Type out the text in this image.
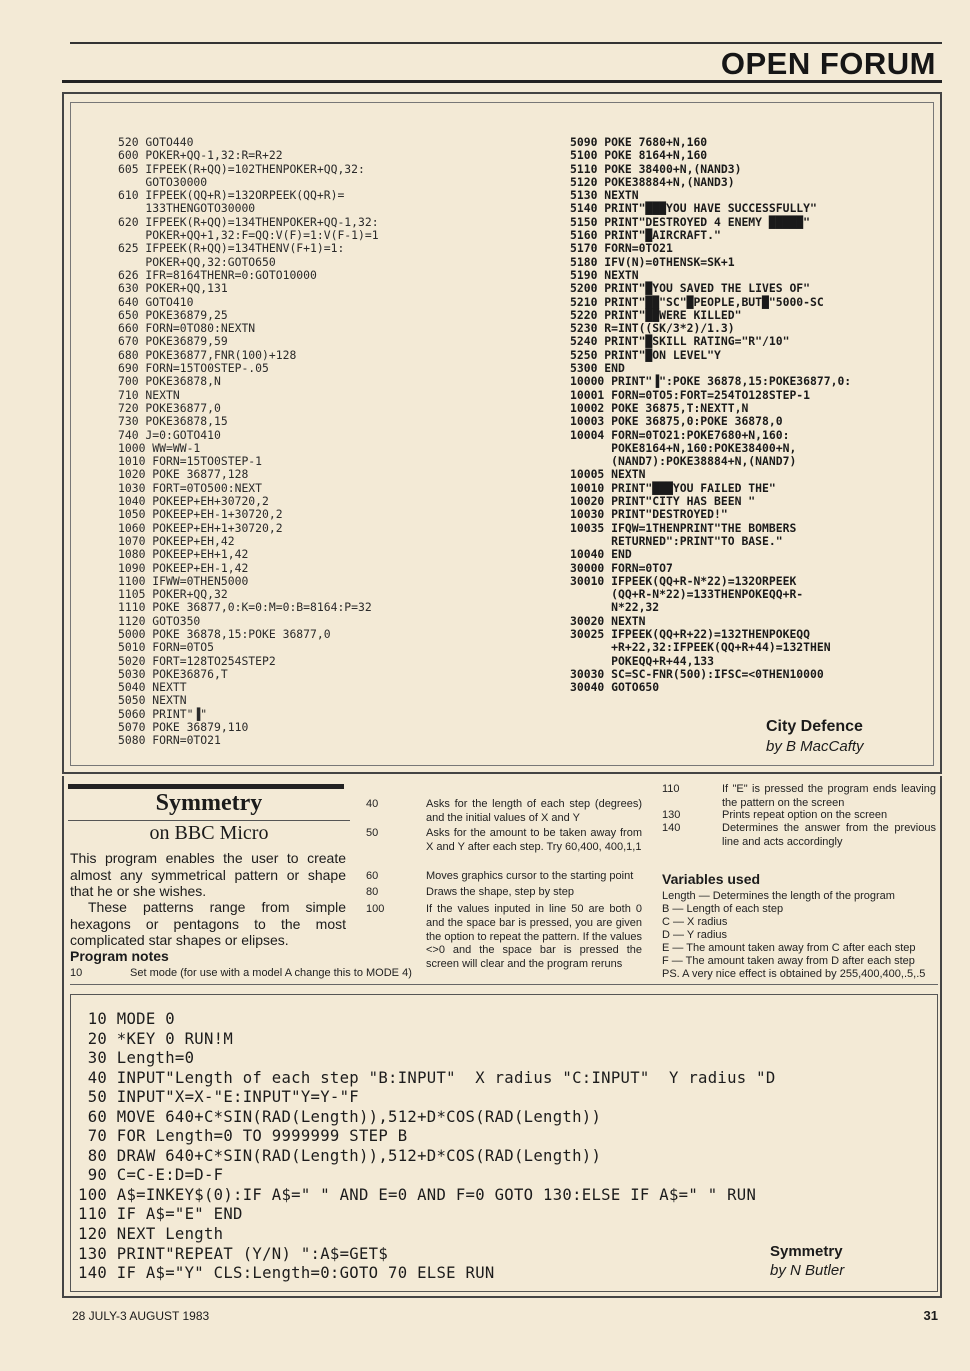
OPEN FORUM
520 GOTO440
600 POKER+QQ-1,32:R=R+22
605 IFPEEK(R+QQ)=102THENPOKER+QQ,32:
GOTO30000
610 IFPEEK(QQ+R)=132ORPEEK(QQ+R)=
133THENGOTO30000
620 IFPEEK(R+QQ)=134THENPOKER+QQ-1,32:
POKER+QQ+1,32:F=QQ:V(F)=1:V(F-1)=1
625 IFPEEK(R+QQ)=134THENV(F+1)=1:
POKER+QQ,32:GOTO650
626 IFR=8164THENR=0:GOTO10000
630 POKER+QQ,131
640 GOTO410
650 POKE36879,25
660 FORN=0TO80:NEXTN
670 POKE36879,59
680 POKE36877,FNR(100)+128
690 FORN=15TO0STEP-.05
700 POKE36878,N
710 NEXTN
720 POKE36877,0
730 POKE36878,15
740 J=0:GOTO410
1000 WW=WW-1
1010 FORN=15TO0STEP-1
1020 POKE 36877,128
1030 FORT=0TO500:NEXT
1040 POKEEP+EH+30720,2
1050 POKEEP+EH-1+30720,2
1060 POKEEP+EH+1+30720,2
1070 POKEEP+EH,42
1080 POKEEP+EH+1,42
1090 POKEEP+EH-1,42
1100 IFWW=0THEN5000
1105 POKER+QQ,32
1110 POKE 36877,0:K=0:M=0:B=8164:P=32
1120 GOTO350
5000 POKE 36878,15:POKE 36877,0
5010 FORN=0TO5
5020 FORT=128TO254STEP2
5030 POKE36876,T
5040 NEXTT
5050 NEXTN
5060 PRINT"▐"
5070 POKE 36879,110
5080 FORN=0TO21
5090 POKE 7680+N,160
5100 POKE 8164+N,160
5110 POKE 38400+N,(NAND3)
5120 POKE38884+N,(NAND3)
5130 NEXTN
5140 PRINT"███YOU HAVE SUCCESSFULLY"
5150 PRINT"DESTROYED 4 ENEMY █████"
5160 PRINT"█AIRCRAFT."
5170 FORN=0TO21
5180 IFV(N)=0THENSK=SK+1
5190 NEXTN
5200 PRINT"█YOU SAVED THE LIVES OF"
5210 PRINT"██"SC"█PEOPLE,BUT█"5000-SC
5220 PRINT"██WERE KILLED"
5230 R=INT((SK/3*2)/1.3)
5240 PRINT"█SKILL RATING="R"/10"
5250 PRINT"█ON LEVEL"Y
5300 END
10000 PRINT"▐":POKE 36878,15:POKE36877,0:
10001 FORN=0TO5:FORT=254TO128STEP-1
10002 POKE 36875,T:NEXTT,N
10003 POKE 36875,0:POKE 36878,0
10004 FORN=0TO21:POKE7680+N,160:
POKE8164+N,160:POKE38400+N,
(NAND7):POKE38884+N,(NAND7)
10005 NEXTN
10010 PRINT"███YOU FAILED THE"
10020 PRINT"CITY HAS BEEN "
10030 PRINT"DESTROYED!"
10035 IFQW=1THENPRINT"THE BOMBERS
RETURNED":PRINT"TO BASE."
10040 END
30000 FORN=0TO7
30010 IFPEEK(QQ+R-N*22)=132ORPEEK
(QQ+R-N*22)=133THENPOKEQQ+R-
N*22,32
30020 NEXTN
30025 IFPEEK(QQ+R+22)=132THENPOKEQQ
+R+22,32:IFPEEK(QQ+R+44)=132THEN
POKEQQ+R+44,133
30030 SC=SC-FNR(500):IFSC=<0THEN10000
30040 GOTO650
City Defence
by B MacCafty
Symmetry
on BBC Micro
This program enables the user to create almost any symmetrical pattern or shape that he or she wishes.
These patterns range from simple hexagons or pentagons to the most complicated star shapes or elipses.
Program notes
10	Set mode (for use with a model A change this to MODE 4)
40	Asks for the length of each step (degrees) and the initial values of X and Y
50	Asks for the amount to be taken away from X and Y after each step. Try 60,400, 400,1,1
60	Moves graphics cursor to the starting point
80	Draws the shape, step by step
100	If the values inputed in line 50 are both 0 and the space bar is pressed, you are given the option to repeat the pattern. If the values <>0 and the space bar is pressed the screen will clear and the program reruns
110	If "E" is pressed the program ends leaving the pattern on the screen
130	Prints repeat option on the screen
140	Determines the answer from the previous line and acts accordingly
Variables used
Length — Determines the length of the program
B — Length of each step
C — X radius
D — Y radius
E — The amount taken away from C after each step
F — The amount taken away from D after each step
PS. A very nice effect is obtained by 255,400,400,.5,.5
10 MODE 0
20 *KEY 0 RUN!M
30 Length=0
40 INPUT"Length of each step "B:INPUT"  X radius "C:INPUT"  Y radius "D
50 INPUT"X=X-"E:INPUT"Y=Y-"F
60 MOVE 640+C*SIN(RAD(Length)),512+D*COS(RAD(Length))
70 FOR Length=0 TO 9999999 STEP B
80 DRAW 640+C*SIN(RAD(Length)),512+D*COS(RAD(Length))
90 C=C-E:D=D-F
100 A$=INKEY$(0):IF A$=" " AND E=0 AND F=0 GOTO 130:ELSE IF A$=" " RUN
110 IF A$="E" END
120 NEXT Length
130 PRINT"REPEAT (Y/N) ":A$=GET$
140 IF A$="Y" CLS:Length=0:GOTO 70 ELSE RUN
Symmetry
by N Butler
28 JULY-3 AUGUST 1983	31
